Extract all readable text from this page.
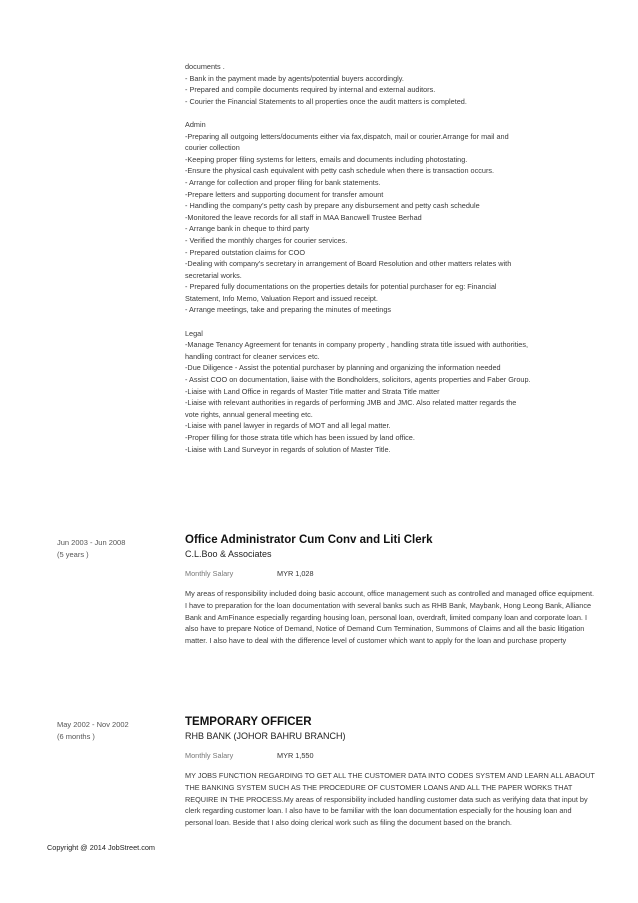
documents .
- Bank in the payment made by agents/potential buyers accordingly.
- Prepared and compile documents required by internal and external auditors.
- Courier the Financial Statements to all properties once the audit matters is completed.
Admin
-Preparing all outgoing letters/documents either via fax,dispatch, mail or courier.Arrange for mail and
courier collection
-Keeping proper filing systems for letters, emails and documents including photostating.
-Ensure the physical cash equivalent with petty cash schedule when there is transaction occurs.
- Arrange for collection and proper filing for bank statements.
-Prepare letters and supporting document for transfer amount
- Handling the company's petty cash by prepare any disbursement and petty cash schedule
-Monitored the leave records for all staff in MAA Bancwell Trustee Berhad
- Arrange bank in cheque to third party
- Verified the monthly charges for courier services.
- Prepared outstation claims for COO
-Dealing with company's secretary in arrangement of Board Resolution and other matters relates with
secretarial works.
- Prepared fully documentations on the properties details for potential purchaser for eg: Financial
Statement, Info Memo, Valuation Report and issued receipt.
- Arrange meetings, take and preparing the minutes of meetings
Legal
-Manage Tenancy Agreement for tenants in company property , handling strata title issued with authorities,
handling contract for cleaner services etc.
-Due Diligence - Assist the potential purchaser by planning and organizing the information needed
- Assist COO on documentation, liaise with the Bondholders, solicitors, agents properties and Faber Group.
-Liaise with Land Office in regards of Master Title matter and Strata Title matter
-Liaise with relevant authorities in regards of performing JMB and JMC. Also related matter regards the
vote rights, annual general meeting etc.
-Liaise with panel lawyer in regards of MOT and all legal matter.
-Proper filling for those strata title which has been issued by land office.
-Liaise with Land Surveyor in regards of solution of Master Title.
Jun 2003 - Jun 2008
(5 years )
Office Administrator Cum Conv and Liti Clerk
C.L.Boo & Associates
Monthly Salary	MYR 1,028
My areas of responsibility included doing basic account, office management such as controlled and managed office equipment. I have to preparation for the loan documentation with several banks such as RHB Bank, Maybank, Hong Leong Bank, Alliance Bank and AmFinance especially regarding housing loan, personal loan, overdraft, limited company loan and corporate loan. I also have to prepare Notice of Demand, Notice of Demand Cum Termination, Summons of Claims and all the basic litigation matter. I also have to deal with the difference level of customer which want to apply for the loan and purchase property
May 2002 - Nov 2002
(6 months )
TEMPORARY OFFICER
RHB BANK (JOHOR BAHRU BRANCH)
Monthly Salary	MYR 1,550
MY JOBS FUNCTION REGARDING TO GET ALL THE CUSTOMER DATA INTO CODES SYSTEM AND LEARN ALL ABAOUT THE BANKING SYSTEM SUCH AS THE PROCEDURE OF CUSTOMER LOANS AND ALL THE PAPER WORKS THAT REQUIRE IN THE PROCESS.My areas of responsibility included handling customer data such as verifying data that input by clerk regarding customer loan. I also have to be familiar with the loan documentation especially for the housing loan and personal loan. Beside that I also doing clerical work such as filing the document based on the branch.
Copyright @ 2014 JobStreet.com
